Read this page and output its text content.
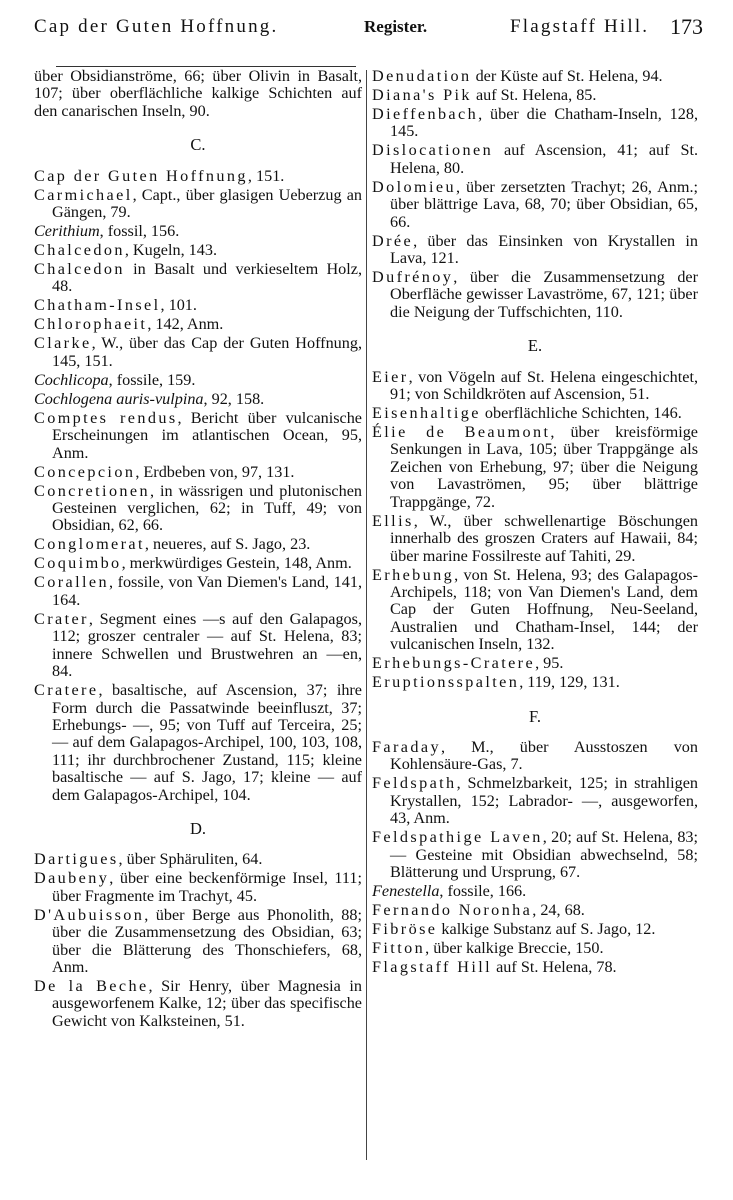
Cap der Guten Hoffnung.	Register.	Flagstaff Hill. 173
über Obsidianströme, 66; über Olivin in Basalt, 107; über oberflächliche kalkige Schichten auf den canarischen Inseln, 90.
C.
Cap der Guten Hoffnung, 151.
Carmichael, Capt., über glasigen Ueberzug an Gängen, 79.
Cerithium, fossil, 156.
Chalcedon, Kugeln, 143.
Chalcedon in Basalt und verkieseltem Holz, 48.
Chatham-Insel, 101.
Chlorophaeit, 142, Anm.
Clarke, W., über das Cap der Guten Hoffnung, 145, 151.
Cochlicopa, fossile, 159.
Cochlogena auris-vulpina, 92, 158.
Comptes rendus, Bericht über vulcanische Erscheinungen im atlantischen Ocean, 95, Anm.
Concepcion, Erdbeben von, 97, 131.
Concretionen, in wässrigen und plutonischen Gesteinen verglichen, 62; in Tuff, 49; von Obsidian, 62, 66.
Conglomerat, neueres, auf S. Jago, 23.
Coquimbo, merkwürdiges Gestein, 148, Anm.
Corallen, fossile, von Van Diemen's Land, 141, 164.
Crater, Segment eines —s auf den Galapagos, 112; groszer centraler — auf St. Helena, 83; innere Schwellen und Brustwehren an —en, 84.
Cratere, basaltische, auf Ascension, 37; ihre Form durch die Passatwinde beeinfluszt, 37; Erhebungs- —, 95; von Tuff auf Terceira, 25; — auf dem Galapagos-Archipel, 100, 103, 108, 111; ihr durchbrochener Zustand, 115; kleine basaltische — auf S. Jago, 17; kleine — auf dem Galapagos-Archipel, 104.
D.
Dartigues, über Sphäruliten, 64.
Daubeny, über eine beckenförmige Insel, 111; über Fragmente im Trachyt, 45.
D'Aubuisson, über Berge aus Phonolith, 88; über die Zusammensetzung des Obsidian, 63; über die Blätterung des Thonschiefers, 68, Anm.
De la Beche, Sir Henry, über Magnesia in ausgeworfenem Kalke, 12; über das specifische Gewicht von Kalksteinen, 51.
Denudation der Küste auf St. Helena, 94.
Diana's Pik auf St. Helena, 85.
Dieffenbach, über die Chatham-Inseln, 128, 145.
Dislocationen auf Ascension, 41; auf St. Helena, 80.
Dolomieu, über zersetzten Trachyt; 26, Anm.; über blättrige Lava, 68, 70; über Obsidian, 65, 66.
Drée, über das Einsinken von Krystallen in Lava, 121.
Dufrénoy, über die Zusammensetzung der Oberfläche gewisser Lavaströme, 67, 121; über die Neigung der Tuffschichten, 110.
E.
Eier, von Vögeln auf St. Helena eingeschichtet, 91; von Schildkröten auf Ascension, 51.
Eisenhaltige oberflächliche Schichten, 146.
Élie de Beaumont, über kreisförmige Senkungen in Lava, 105; über Trappgänge als Zeichen von Erhebung, 97; über die Neigung von Lavaströmen, 95; über blättrige Trappgänge, 72.
Ellis, W., über schwellenartige Böschungen innerhalb des groszen Craters auf Hawaii, 84; über marine Fossilreste auf Tahiti, 29.
Erhebung, von St. Helena, 93; des Galapagos-Archipels, 118; von Van Diemen's Land, dem Cap der Guten Hoffnung, Neu-Seeland, Australien und Chatham-Insel, 144; der vulcanischen Inseln, 132.
Erhebungs-Cratere, 95.
Eruptionsspalten, 119, 129, 131.
F.
Faraday, M., über Ausstoszen von Kohlensäure-Gas, 7.
Feldspath, Schmelzbarkeit, 125; in strahligen Krystallen, 152; Labrador- —, ausgeworfen, 43, Anm.
Feldspathige Laven, 20; auf St. Helena, 83; — Gesteine mit Obsidian abwechselnd, 58; Blätterung und Ursprung, 67.
Fenestella, fossile, 166.
Fernando Noronha, 24, 68.
Fibröse kalkige Substanz auf S. Jago, 12.
Fitton, über kalkige Breccie, 150.
Flagstaff Hill auf St. Helena, 78.
